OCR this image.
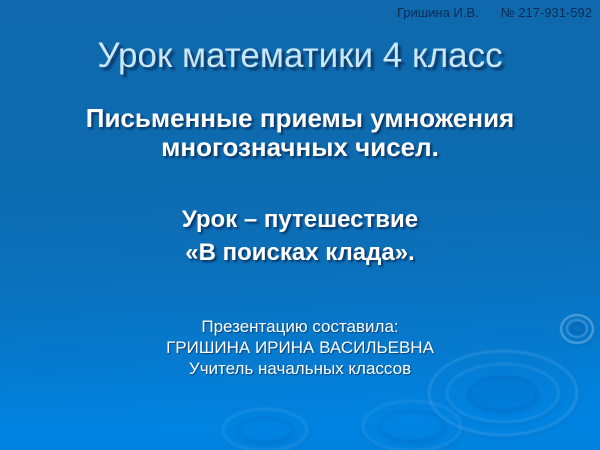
Гришина И.В. № 217-931-592
Урок математики 4 класс
Письменные приемы умножения
многозначных чисел.
Урок – путешествие
«В поисках клада».
Презентацию составила:
ГРИШИНА ИРИНА ВАСИЛЬЕВНА
Учитель начальных классов
